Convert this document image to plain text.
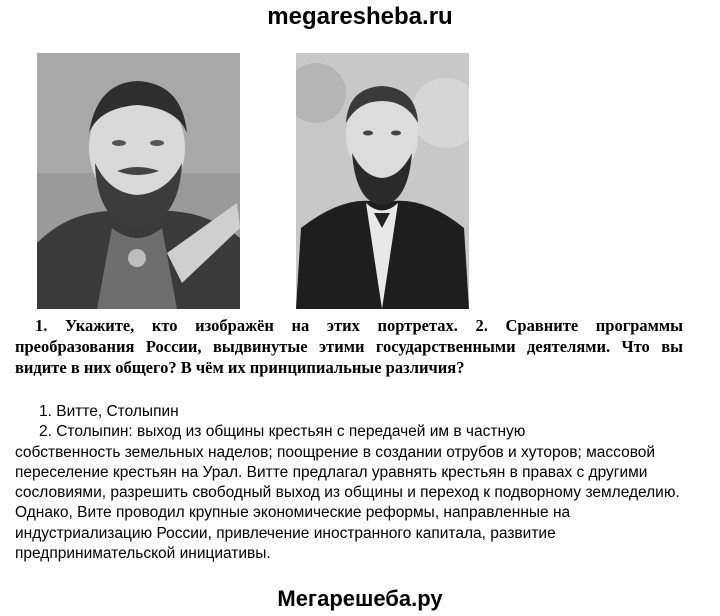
megaresheba.ru

1. Укажите, кто изображён на этих портретах. 2. Сравните программы преобразования России, выдвинутые этими государственными деятелями. Что вы видите в них общего? В чём их принципиальные различия?

1. Витте, Столыпин

2. Столыпин: выход из общины крестьян с передачей им в частную

собственность земельных наделов; поощрение в создании отрубов и хуторов; массовой переселение крестьян на Урал. Витте предлагал уравнять крестьян в правах с другими сословиями, разрешить свободный выход из общины и переход к подворному земледелию. Однако, Вите проводил крупные экономические реформы, направленные на индустриализацию России, привлечение иностранного капитала, развитие предпринимательской инициативы.

Мегарешеба.ру
